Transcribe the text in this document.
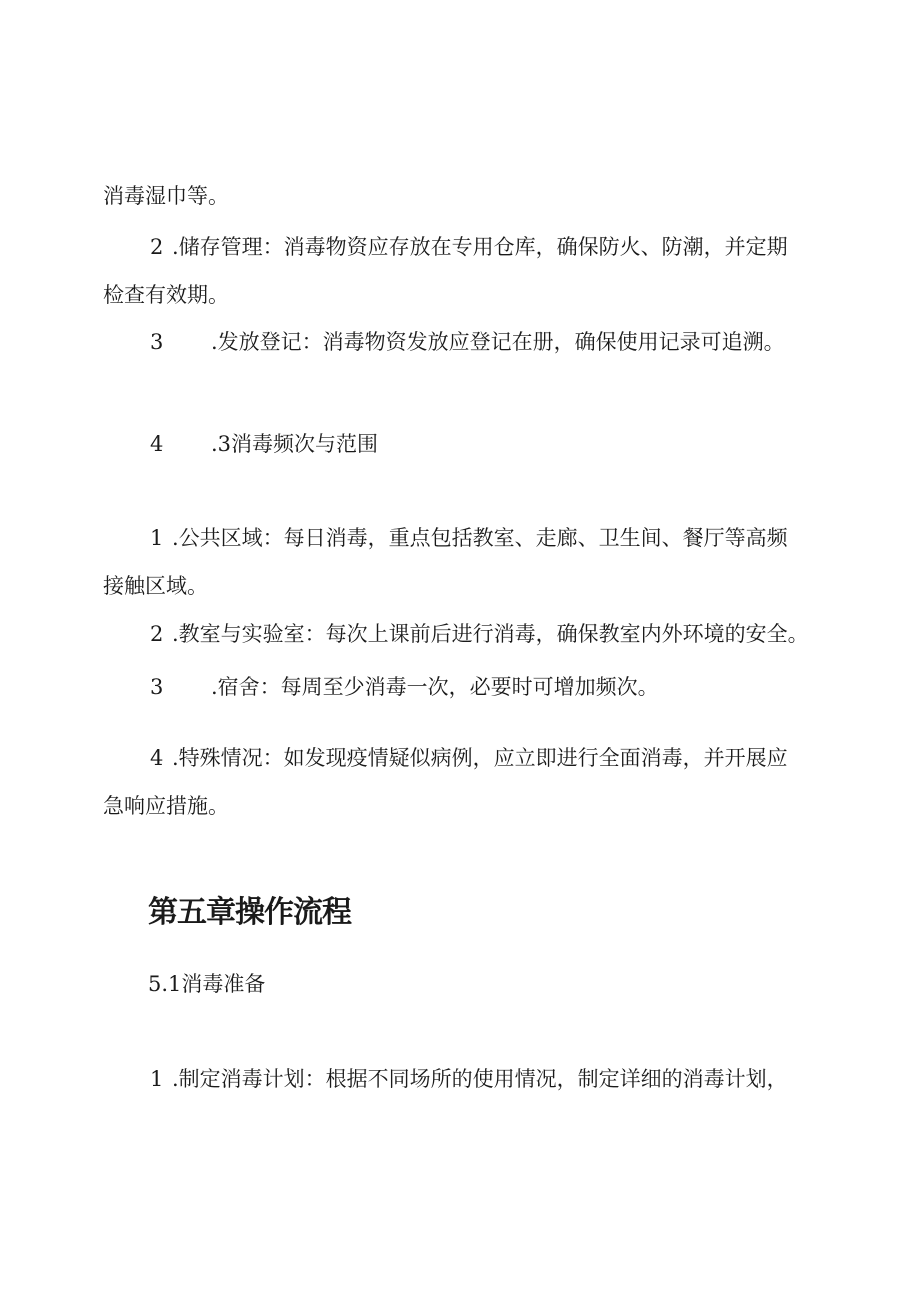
消毒湿巾等。

2 .储存管理：消毒物资应存放在专用仓库，确保防火、防潮，并定期

检查有效期。

3 .发放登记：消毒物资发放应登记在册，确保使用记录可追溯。
4 .3消毒频次与范围
1 .公共区域：每日消毒，重点包括教室、走廊、卫生间、餐厅等高频

接触区域。

2 .教室与实验室：每次上课前后进行消毒，确保教室内外环境的安全。
3 .宿舍：每周至少消毒一次，必要时可增加频次。
4 .特殊情况：如发现疫情疑似病例，应立即进行全面消毒，并开展应

急响应措施。

第五章操作流程

5.1消毒准备

1 .制定消毒计划：根据不同场所的使用情况，制定详细的消毒计划，
